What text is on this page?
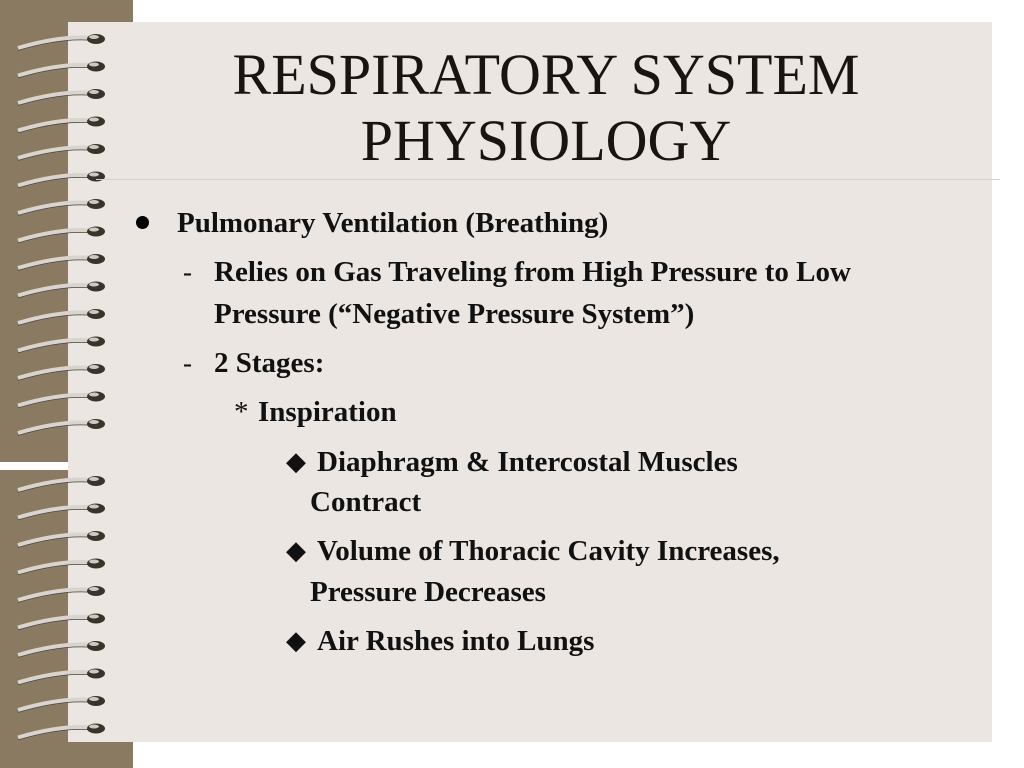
RESPIRATORY SYSTEM
PHYSIOLOGY
Pulmonary Ventilation (Breathing)
- Relies on Gas Traveling from High Pressure to Low
Pressure (“Negative Pressure System”)
- 2 Stages:
* Inspiration
◆ Diaphragm & Intercostal Muscles
Contract
◆ Volume of Thoracic Cavity Increases,
Pressure Decreases
◆ Air Rushes into Lungs
